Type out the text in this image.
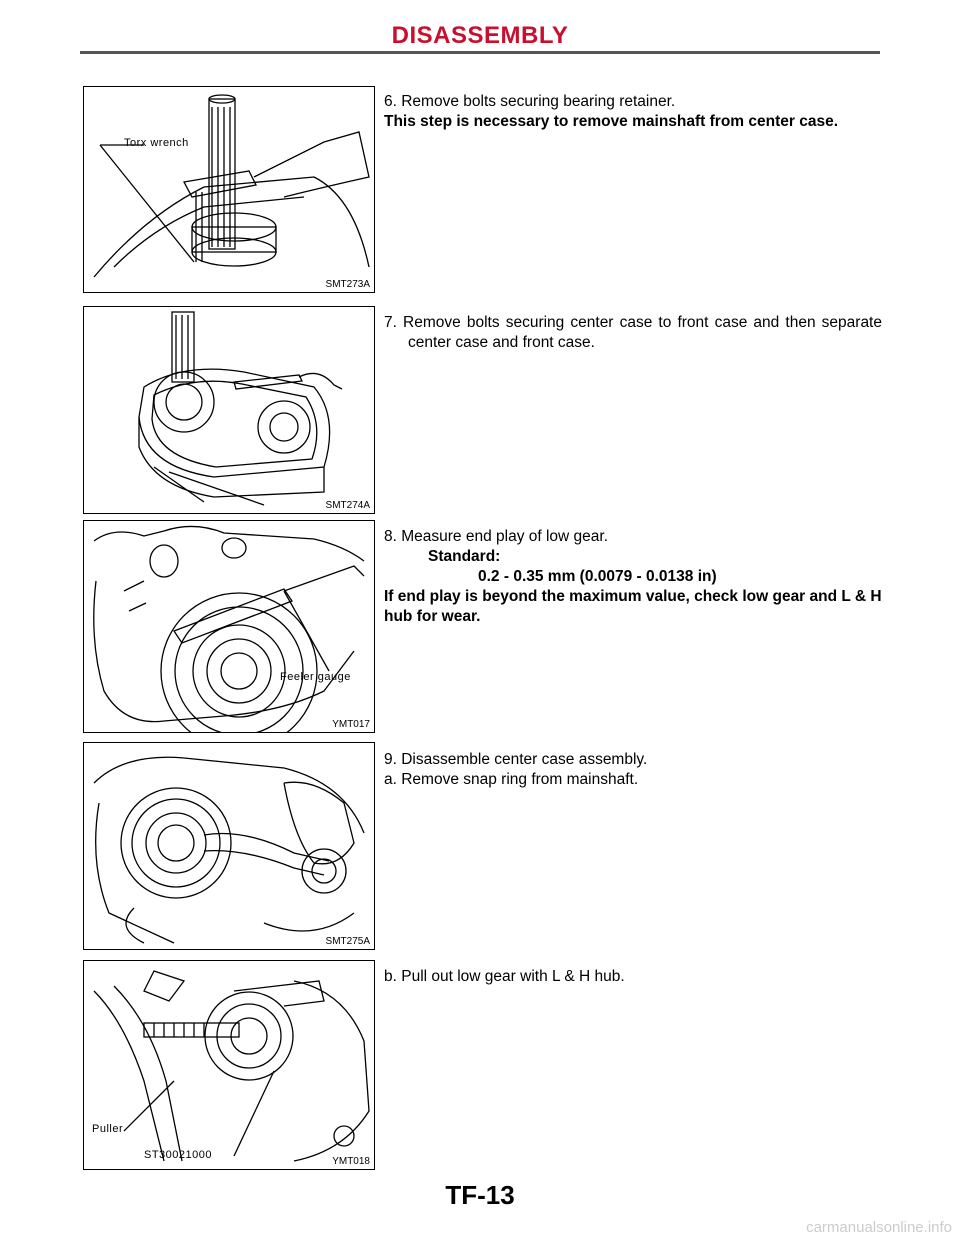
DISASSEMBLY
Torx wrench
SMT273A
SMT274A
Feeler gauge
YMT017
SMT275A
Puller
ST30021000
YMT018

6. Remove bolts securing bearing retainer.

This step is necessary to remove mainshaft from center case.

7. Remove bolts securing center case to front case and then separate center case and front case.

8. Measure end play of low gear.

Standard:

0.2 - 0.35 mm (0.0079 - 0.0138 in)

If end play is beyond the maximum value, check low gear and L & H hub for wear.

9. Disassemble center case assembly.

a. Remove snap ring from mainshaft.

b. Pull out low gear with L & H hub.

TF-13
carmanualsonline.info
